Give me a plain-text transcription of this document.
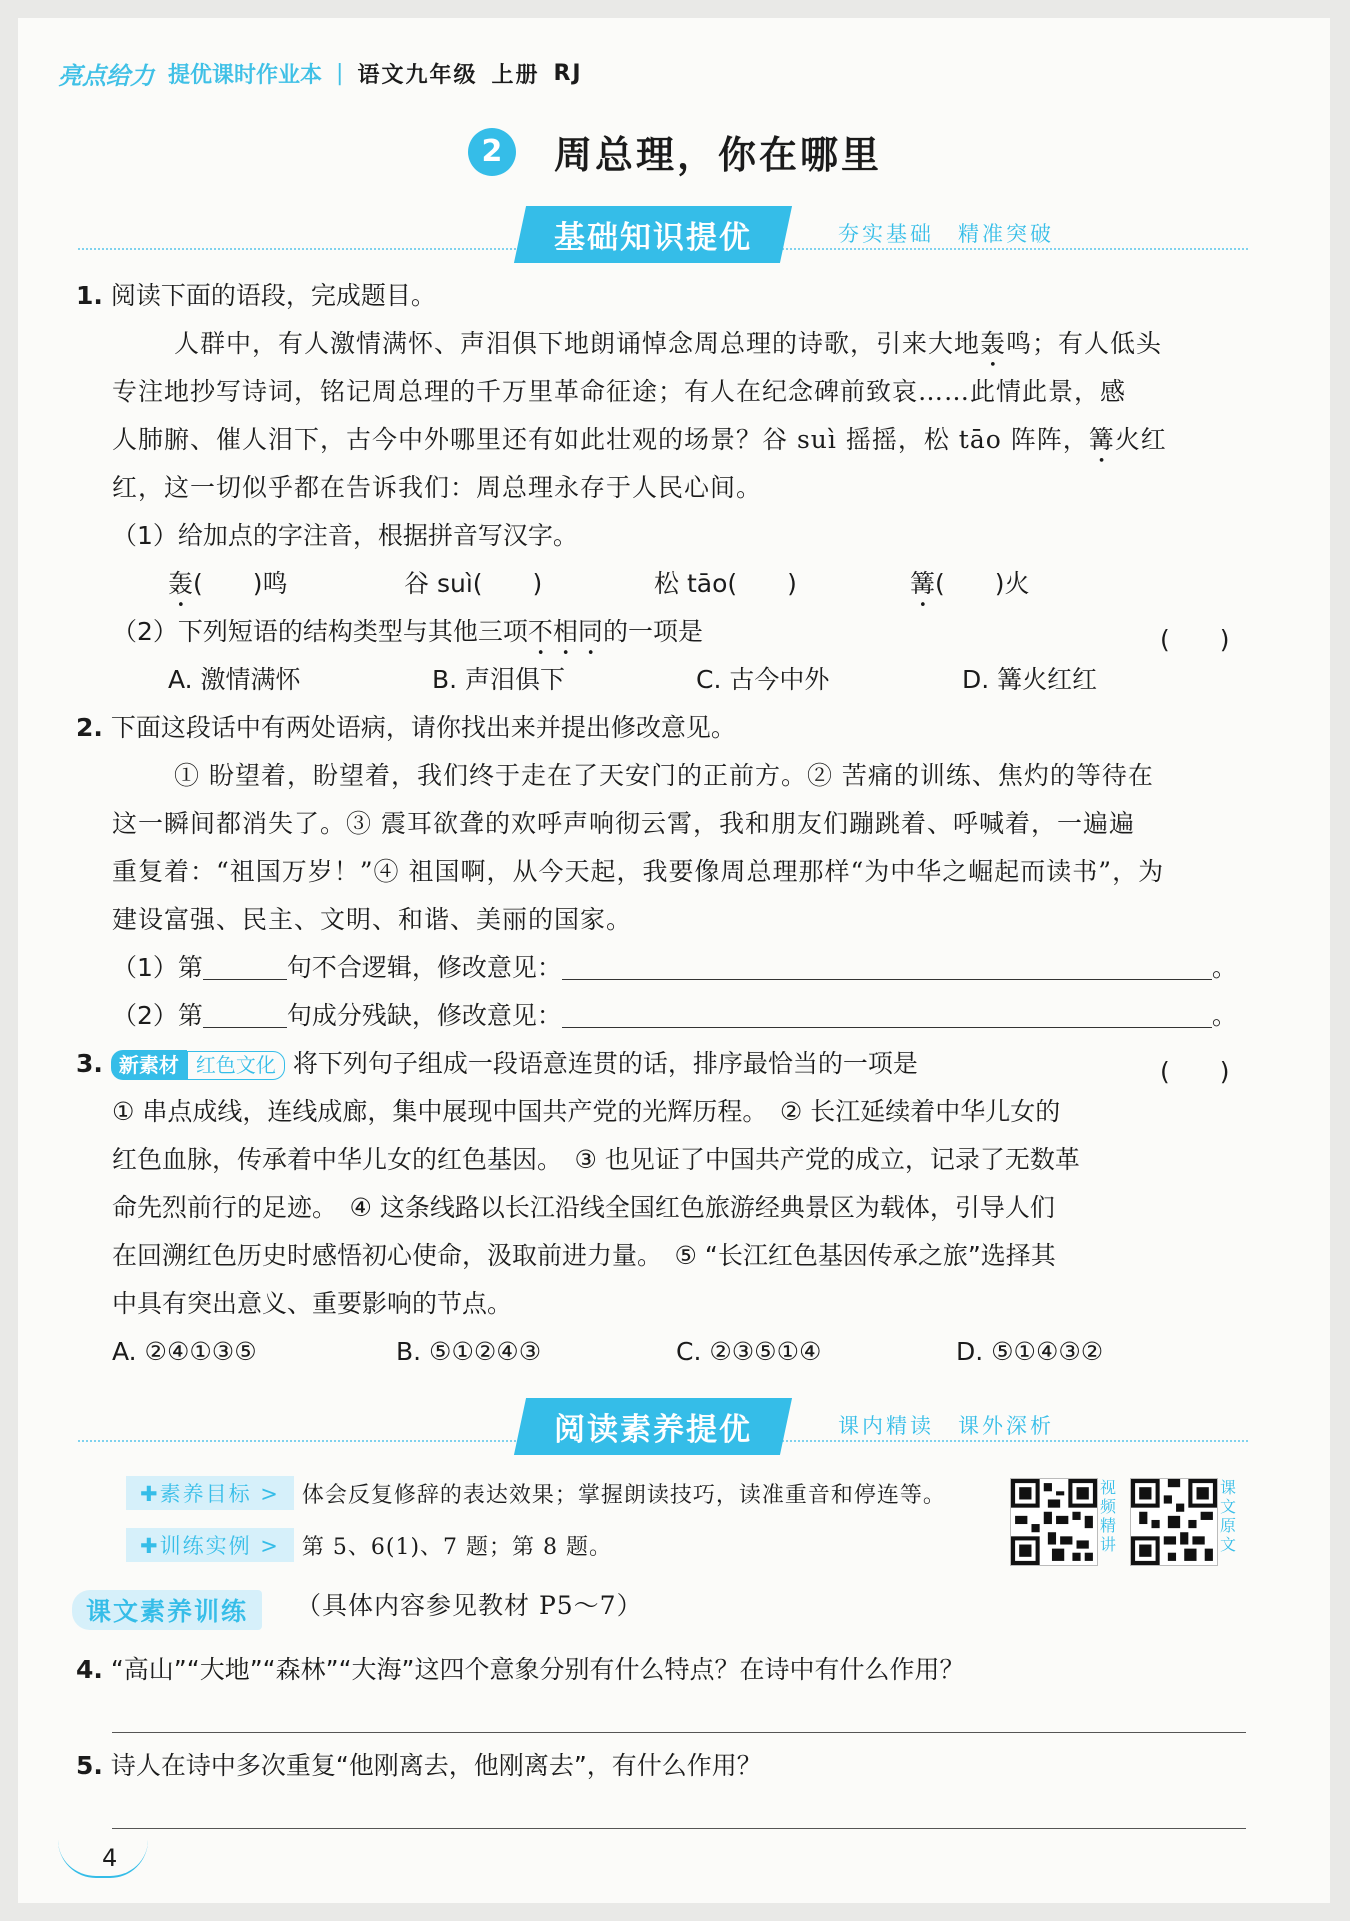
亮点给力 提优课时作业本 | 语文九年级 上册 RJ
2	周总理，你在哪里
基础知识提优	夯实基础　精准突破
1. 阅读下面的语段，完成题目。
人群中，有人激情满怀、声泪俱下地朗诵悼念周总理的诗歌，引来大地轰鸣；有人低头
专注地抄写诗词，铭记周总理的千万里革命征途；有人在纪念碑前致哀……此情此景，感
人肺腑、催人泪下，古今中外哪里还有如此壮观的场景？谷 suì 摇摇，松 tāo 阵阵，篝火红
红，这一切似乎都在告诉我们：周总理永存于人民心间。
（1）给加点的字注音，根据拼音写汉字。
轰(　　)鸣	谷 suì(　　)	松 tāo(　　)	篝(　　)火
（2）下列短语的结构类型与其他三项不相同的一项是	(　　)
A. 激情满怀	B. 声泪俱下	C. 古今中外	D. 篝火红红
2. 下面这段话中有两处语病，请你找出来并提出修改意见。
① 盼望着，盼望着，我们终于走在了天安门的正前方。② 苦痛的训练、焦灼的等待在
这一瞬间都消失了。③ 震耳欲聋的欢呼声响彻云霄，我和朋友们蹦跳着、呼喊着，一遍遍
重复着：“祖国万岁！”④ 祖国啊，从今天起，我要像周总理那样“为中华之崛起而读书”，为
建设富强、民主、文明、和谐、美丽的国家。
（1）第	句不合逻辑，修改意见：	。
（2）第	句成分残缺，修改意见：	。
3. 新素材 红色文化 将下列句子组成一段语意连贯的话，排序最恰当的一项是	(　　)
① 串点成线，连线成廊，集中展现中国共产党的光辉历程。　② 长江延续着中华儿女的
红色血脉，传承着中华儿女的红色基因。　③ 也见证了中国共产党的成立，记录了无数革
命先烈前行的足迹。　④ 这条线路以长江沿线全国红色旅游经典景区为载体，引导人们
在回溯红色历史时感悟初心使命，汲取前进力量。　⑤ “长江红色基因传承之旅”选择其
中具有突出意义、重要影响的节点。
A. ②④①③⑤	B. ⑤①②④③	C. ②③⑤①④	D. ⑤①④③②
阅读素养提优	课内精读　课外深析
✚素养目标 >	体会反复修辞的表达效果；掌握朗读技巧，读准重音和停连等。
✚训练实例 >	第 5、6(1)、7 题；第 8 题。
视频精讲
课文原文
课文素养训练	（具体内容参见教材 P5～7）
4. “高山”“大地”“森林”“大海”这四个意象分别有什么特点？在诗中有什么作用？
5. 诗人在诗中多次重复“他刚离去，他刚离去”，有什么作用？
4
